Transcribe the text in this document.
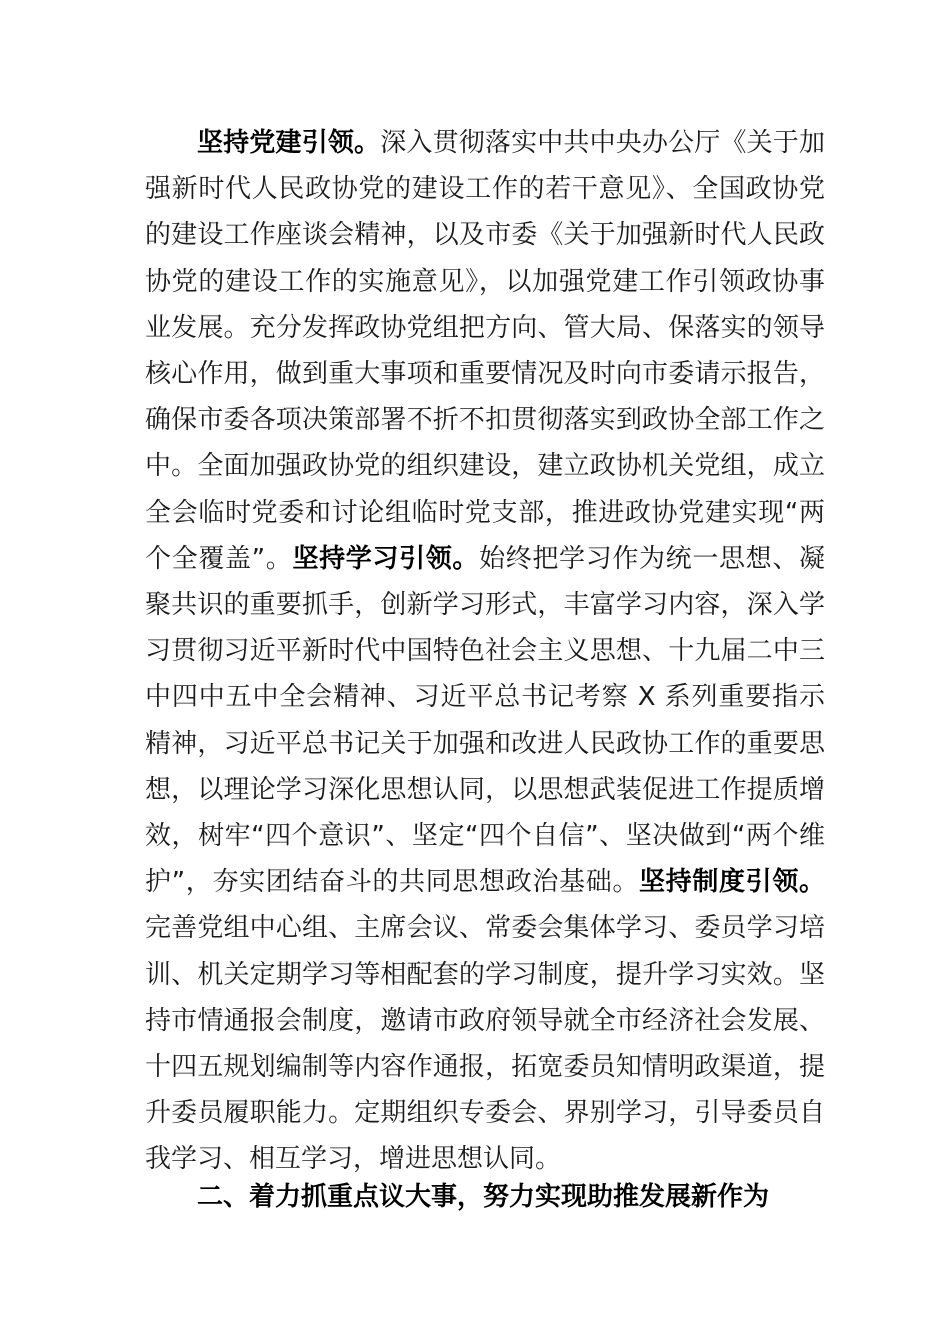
坚持党建引领。深入贯彻落实中共中央办公厅《关于加强新时代人民政协党的建设工作的若干意见》、全国政协党的建设工作座谈会精神，以及市委《关于加强新时代人民政协党的建设工作的实施意见》，以加强党建工作引领政协事业发展。充分发挥政协党组把方向、管大局、保落实的领导核心作用，做到重大事项和重要情况及时向市委请示报告，确保市委各项决策部署不折不扣贯彻落实到政协全部工作之中。全面加强政协党的组织建设，建立政协机关党组，成立全会临时党委和讨论组临时党支部，推进政协党建实现“两个全覆盖”。坚持学习引领。始终把学习作为统一思想、凝聚共识的重要抓手，创新学习形式，丰富学习内容，深入学习贯彻习近平新时代中国特色社会主义思想、十九届二中三中四中五中全会精神、习近平总书记考察 X 系列重要指示精神，习近平总书记关于加强和改进人民政协工作的重要思想，以理论学习深化思想认同，以思想武装促进工作提质增效，树牢“四个意识”、坚定“四个自信”、坚决做到“两个维护”，夯实团结奋斗的共同思想政治基础。坚持制度引领。完善党组中心组、主席会议、常委会集体学习、委员学习培训、机关定期学习等相配套的学习制度，提升学习实效。坚持市情通报会制度，邀请市政府领导就全市经济社会发展、十四五规划编制等内容作通报，拓宽委员知情明政渠道，提升委员履职能力。定期组织专委会、界别学习，引导委员自我学习、相互学习，增进思想认同。

二、着力抓重点议大事，努力实现助推发展新作为
